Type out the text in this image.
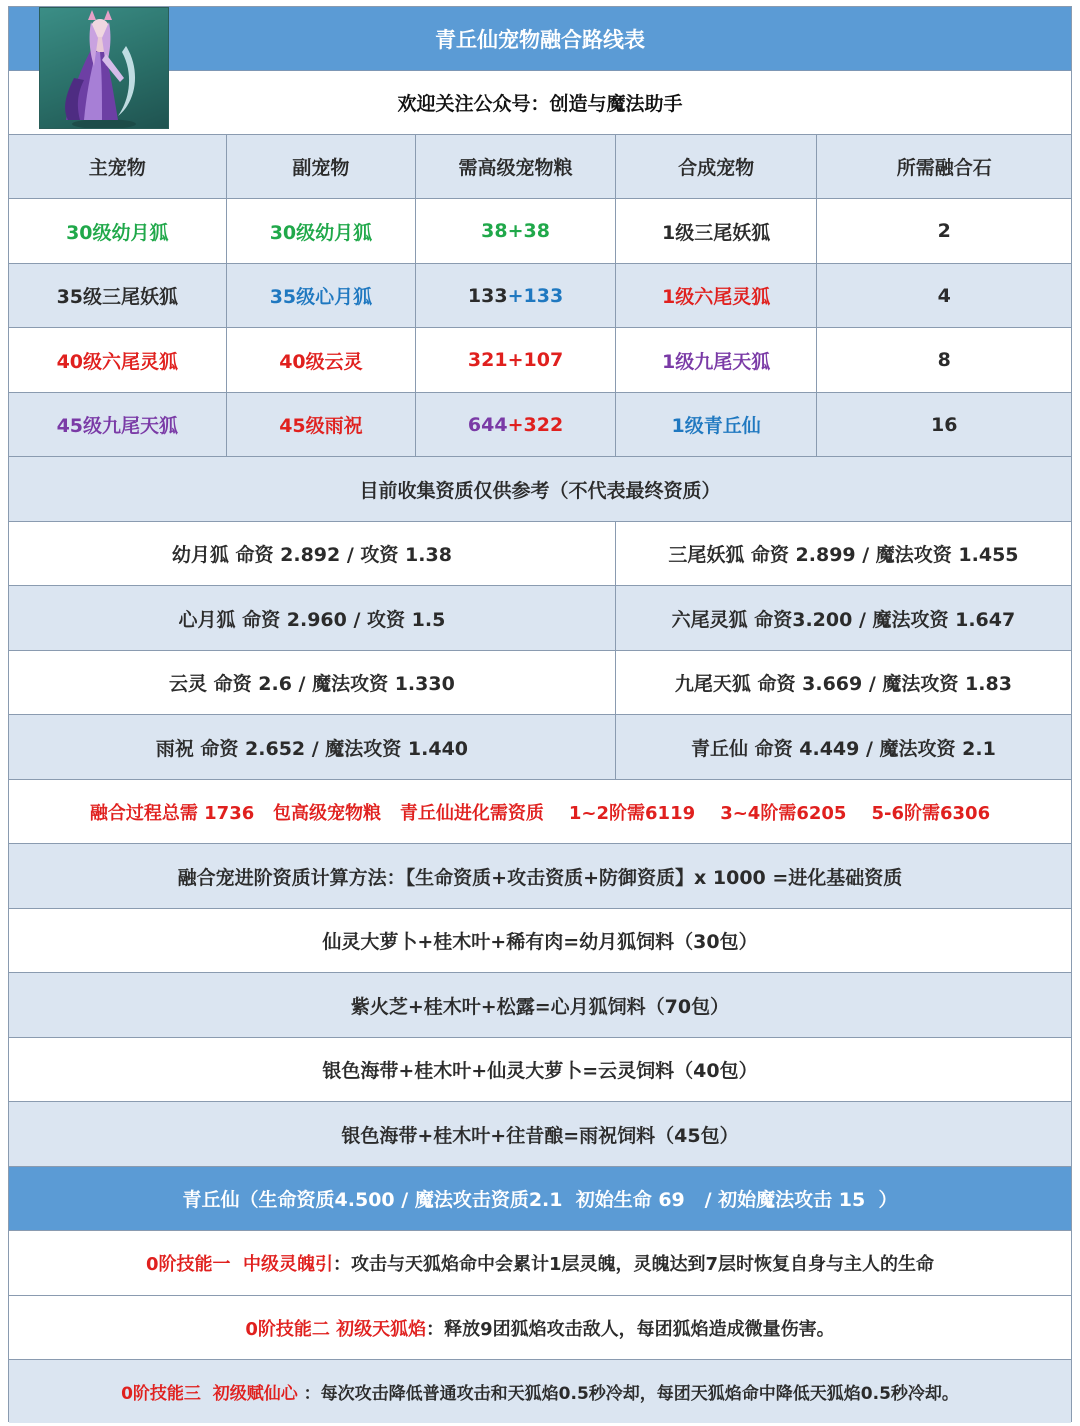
青丘仙宠物融合路线表
欢迎关注公众号：创造与魔法助手
主宠物	副宠物	需高级宠物粮	合成宠物	所需融合石
30级幼月狐	30级幼月狐	38 +38	1级三尾妖狐	2
35级三尾妖狐	35级心月狐	133 +133	1级六尾灵狐	4
40级六尾灵狐	40级云灵	321 +107	1级九尾天狐	8
45级九尾天狐	45级雨祝	644 +322	1级青丘仙	16
目前收集资质仅供参考（不代表最终资质）
幼月狐 命资 2.892 / 攻资 1.38	三尾妖狐 命资 2.899 / 魔法攻资 1.455
心月狐 命资 2.960 / 攻资 1.5	六尾灵狐 命资3.200 / 魔法攻资 1.647
云灵 命资 2.6 / 魔法攻资 1.330	九尾天狐 命资 3.669 / 魔法攻资 1.83
雨祝 命资 2.652 / 魔法攻资 1.440	青丘仙 命资 4.449 / 魔法攻资 2.1
融合过程总需 1736   包高级宠物粮   青丘仙进化需资质    1~2阶需6119    3~4阶需6205    5-6阶需6306
融合宠进阶资质计算方法：【生命资质+攻击资质+防御资质】x 1000 =进化基础资质
仙灵大萝卜+桂木叶+稀有肉=幼月狐饲料（30包）
紫火芝+桂木叶+松露=心月狐饲料（70包）
银色海带+桂木叶+仙灵大萝卜=云灵饲料（40包）
银色海带+桂木叶+往昔酿=雨祝饲料（45包）
青丘仙（生命资质4.500 / 魔法攻击资质2.1  初始生命 69   / 初始魔法攻击 15  ）
0阶技能一  中级灵魄引 ：攻击与天狐焰命中会累计1层灵魄，灵魄达到7层时恢复自身与主人的生命
0阶技能二 初级天狐焰 ：释放9团狐焰攻击敌人，每团狐焰造成微量伤害。
0阶技能三  初级赋仙心 ：每次攻击降低普通攻击和天狐焰0.5秒冷却，每团天狐焰命中降低天狐焰0.5秒冷却。
